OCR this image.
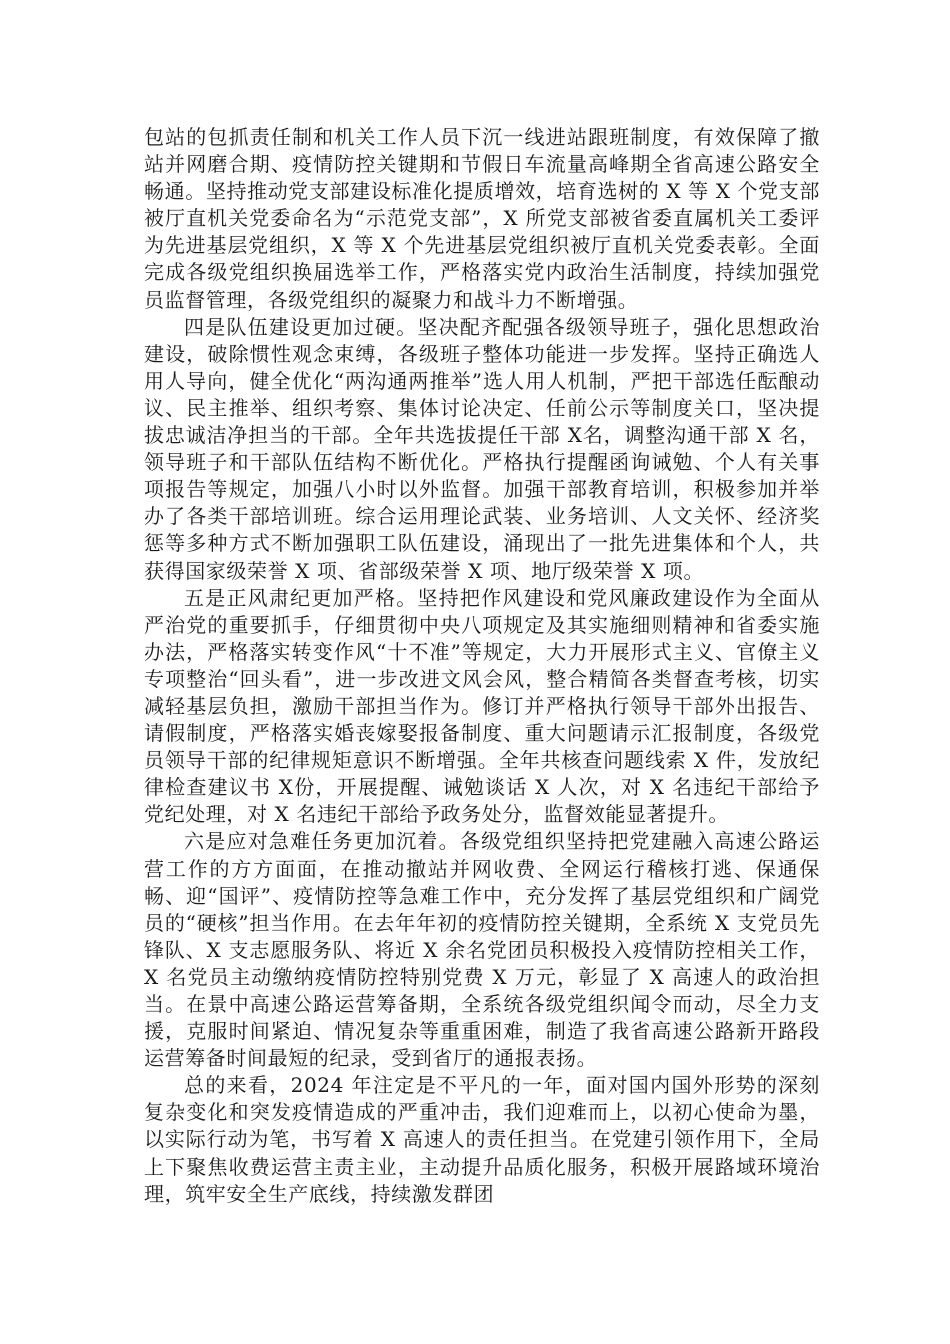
包站的包抓责任制和机关工作人员下沉一线进站跟班制度，有效保障了撤站并网磨合期、疫情防控关键期和节假日车流量高峰期全省高速公路安全畅通。坚持推动党支部建设标准化提质增效，培育选树的 X 等 X 个党支部被厅直机关党委命名为“示范党支部”，X 所党支部被省委直属机关工委评为先进基层党组织，X 等 X 个先进基层党组织被厅直机关党委表彰。全面完成各级党组织换届选举工作，严格落实党内政治生活制度，持续加强党员监督管理，各级党组织的凝聚力和战斗力不断增强。

四是队伍建设更加过硬。坚决配齐配强各级领导班子，强化思想政治建设，破除惯性观念束缚，各级班子整体功能进一步发挥。坚持正确选人用人导向，健全优化“两沟通两推举”选人用人机制，严把干部选任酝酿动议、民主推举、组织考察、集体讨论决定、任前公示等制度关口，坚决提拔忠诚洁净担当的干部。全年共选拔提任干部 X名，调整沟通干部 X 名，领导班子和干部队伍结构不断优化。严格执行提醒函询诫勉、个人有关事项报告等规定，加强八小时以外监督。加强干部教育培训，积极参加并举办了各类干部培训班。综合运用理论武装、业务培训、人文关怀、经济奖惩等多种方式不断加强职工队伍建设，涌现出了一批先进集体和个人，共获得国家级荣誉 X 项、省部级荣誉 X 项、地厅级荣誉 X 项。

五是正风肃纪更加严格。坚持把作风建设和党风廉政建设作为全面从严治党的重要抓手，仔细贯彻中央八项规定及其实施细则精神和省委实施办法，严格落实转变作风“十不准”等规定，大力开展形式主义、官僚主义专项整治“回头看”，进一步改进文风会风，整合精简各类督查考核，切实减轻基层负担，激励干部担当作为。修订并严格执行领导干部外出报告、请假制度，严格落实婚丧嫁娶报备制度、重大问题请示汇报制度，各级党员领导干部的纪律规矩意识不断增强。全年共核查问题线索 X 件，发放纪律检查建议书 X份，开展提醒、诫勉谈话 X 人次，对 X 名违纪干部给予党纪处理，对 X 名违纪干部给予政务处分，监督效能显著提升。

六是应对急难任务更加沉着。各级党组织坚持把党建融入高速公路运营工作的方方面面，在推动撤站并网收费、全网运行稽核打逃、保通保畅、迎“国评”、疫情防控等急难工作中，充分发挥了基层党组织和广阔党员的“硬核”担当作用。在去年年初的疫情防控关键期，全系统 X 支党员先锋队、X 支志愿服务队、将近 X 余名党团员积极投入疫情防控相关工作，X 名党员主动缴纳疫情防控特别党费 X 万元，彰显了 X 高速人的政治担当。在景中高速公路运营筹备期，全系统各级党组织闻令而动，尽全力支援，克服时间紧迫、情况复杂等重重困难，制造了我省高速公路新开路段运营筹备时间最短的纪录，受到省厅的通报表扬。

总的来看，2024 年注定是不平凡的一年，面对国内国外形势的深刻复杂变化和突发疫情造成的严重冲击，我们迎难而上，以初心使命为墨，以实际行动为笔，书写着 X 高速人的责任担当。在党建引领作用下，全局上下聚焦收费运营主责主业，主动提升品质化服务，积极开展路域环境治理，筑牢安全生产底线，持续激发群团
